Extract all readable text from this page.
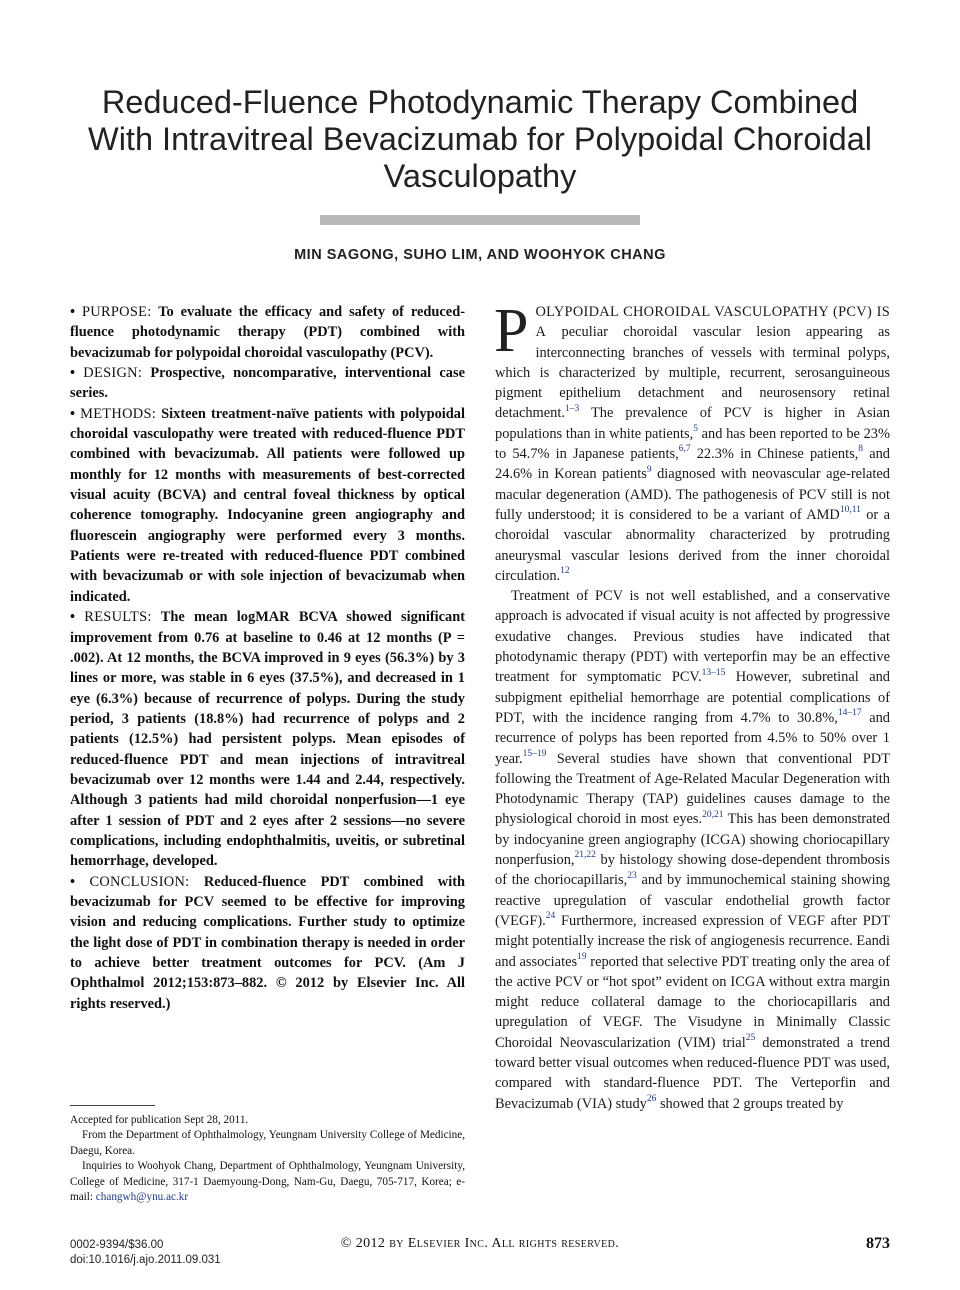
Reduced-Fluence Photodynamic Therapy Combined With Intravitreal Bevacizumab for Polypoidal Choroidal Vasculopathy
MIN SAGONG, SUHO LIM, AND WOOHYOK CHANG

• PURPOSE: To evaluate the efficacy and safety of reduced-fluence photodynamic therapy (PDT) combined with bevacizumab for polypoidal choroidal vasculopathy (PCV).

• DESIGN: Prospective, noncomparative, interventional case series.

• METHODS: Sixteen treatment-naïve patients with polypoidal choroidal vasculopathy were treated with reduced-fluence PDT combined with bevacizumab. All patients were followed up monthly for 12 months with measurements of best-corrected visual acuity (BCVA) and central foveal thickness by optical coherence tomography. Indocyanine green angiography and fluorescein angiography were performed every 3 months. Patients were re-treated with reduced-fluence PDT combined with bevacizumab or with sole injection of bevacizumab when indicated.

• RESULTS: The mean logMAR BCVA showed significant improvement from 0.76 at baseline to 0.46 at 12 months (P = .002). At 12 months, the BCVA improved in 9 eyes (56.3%) by 3 lines or more, was stable in 6 eyes (37.5%), and decreased in 1 eye (6.3%) because of recurrence of polyps. During the study period, 3 patients (18.8%) had recurrence of polyps and 2 patients (12.5%) had persistent polyps. Mean episodes of reduced-fluence PDT and mean injections of intravitreal bevacizumab over 12 months were 1.44 and 2.44, respectively. Although 3 patients had mild choroidal nonperfusion—1 eye after 1 session of PDT and 2 eyes after 2 sessions—no severe complications, including endophthalmitis, uveitis, or subretinal hemorrhage, developed.

• CONCLUSION: Reduced-fluence PDT combined with bevacizumab for PCV seemed to be effective for improving vision and reducing complications. Further study to optimize the light dose of PDT in combination therapy is needed in order to achieve better treatment outcomes for PCV. (Am J Ophthalmol 2012;153:873–882. © 2012 by Elsevier Inc. All rights reserved.)

Accepted for publication Sept 28, 2011.

From the Department of Ophthalmology, Yeungnam University College of Medicine, Daegu, Korea.

Inquiries to Woohyok Chang, Department of Ophthalmology, Yeungnam University, College of Medicine, 317-1 Daemyoung-Dong, Nam-Gu, Daegu, 705-717, Korea; e-mail: changwh@ynu.ac.kr

POLYPOIDAL CHOROIDAL VASCULOPATHY (PCV) IS A peculiar choroidal vascular lesion appearing as interconnecting branches of vessels with terminal polyps, which is characterized by multiple, recurrent, serosanguineous pigment epithelium detachment and neurosensory retinal detachment.$^{1-3}$ The prevalence of PCV is higher in Asian populations than in white patients,$^5$ and has been reported to be 23% to 54.7% in Japanese patients,$^{6,7}$ 22.3% in Chinese patients,$^8$ and 24.6% in Korean patients$^9$ diagnosed with neovascular age-related macular degeneration (AMD). The pathogenesis of PCV still is not fully understood; it is considered to be a variant of AMD$^{10,11}$ or a choroidal vascular abnormality characterized by protruding aneurysmal vascular lesions derived from the inner choroidal circulation.$^{12}$

Treatment of PCV is not well established, and a conservative approach is advocated if visual acuity is not affected by progressive exudative changes. Previous studies have indicated that photodynamic therapy (PDT) with verteporfin may be an effective treatment for symptomatic PCV.$^{13-15}$ However, subretinal and subpigment epithelial hemorrhage are potential complications of PDT, with the incidence ranging from 4.7% to 30.8%,$^{14-17}$ and recurrence of polyps has been reported from 4.5% to 50% over 1 year.$^{15-19}$ Several studies have shown that conventional PDT following the Treatment of Age-Related Macular Degeneration with Photodynamic Therapy (TAP) guidelines causes damage to the physiological choroid in most eyes.$^{20,21}$ This has been demonstrated by indocyanine green angiography (ICGA) showing choriocapillary nonperfusion,$^{21,22}$ by histology showing dose-dependent thrombosis of the choriocapillaris,$^{23}$ and by immunochemical staining showing reactive upregulation of vascular endothelial growth factor (VEGF).$^{24}$ Furthermore, increased expression of VEGF after PDT might potentially increase the risk of angiogenesis recurrence. Eandi and associates$^{19}$ reported that selective PDT treating only the area of the active PCV or “hot spot” evident on ICGA without extra margin might reduce collateral damage to the choriocapillaris and upregulation of VEGF. The Visudyne in Minimally Classic Choroidal Neovascularization (VIM) trial$^{25}$ demonstrated a trend toward better visual outcomes when reduced-fluence PDT was used, compared with standard-fluence PDT. The Verteporfin and Bevacizumab (VIA) study$^{26}$ showed that 2 groups treated by

0002-9394/$36.00
doi:10.1016/j.ajo.2011.09.031
© 2012 by Elsevier Inc. All rights reserved.	873
